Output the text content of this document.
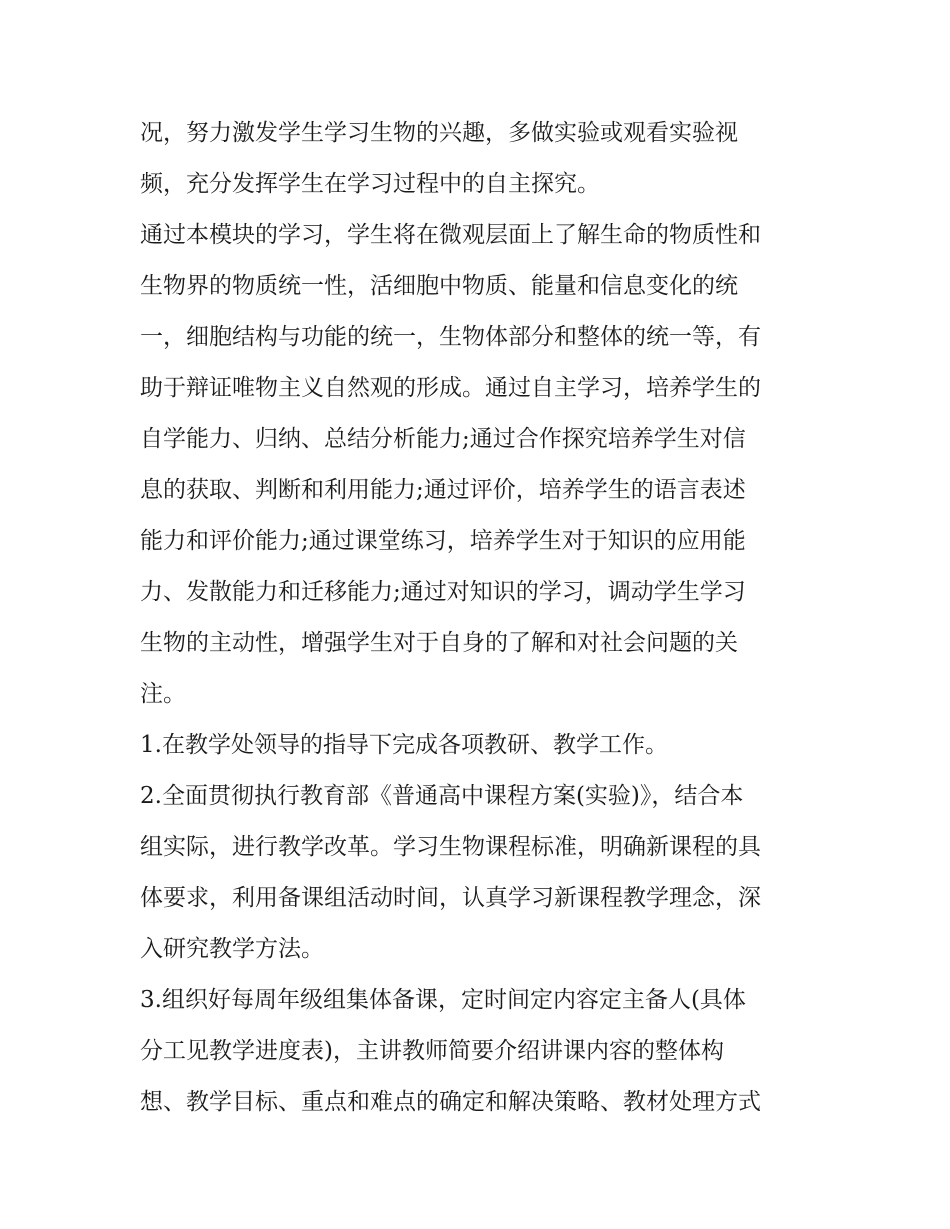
况，努力激发学生学习生物的兴趣，多做实验或观看实验视
频，充分发挥学生在学习过程中的自主探究。
通过本模块的学习，学生将在微观层面上了解生命的物质性和
生物界的物质统一性，活细胞中物质、能量和信息变化的统
一，细胞结构与功能的统一，生物体部分和整体的统一等，有
助于辩证唯物主义自然观的形成。通过自主学习，培养学生的
自学能力、归纳、总结分析能力;通过合作探究培养学生对信
息的获取、判断和利用能力;通过评价，培养学生的语言表述
能力和评价能力;通过课堂练习，培养学生对于知识的应用能
力、发散能力和迁移能力;通过对知识的学习，调动学生学习
生物的主动性，增强学生对于自身的了解和对社会问题的关
注。
1.在教学处领导的指导下完成各项教研、教学工作。
2.全面贯彻执行教育部《普通高中课程方案(实验)》，结合本
组实际，进行教学改革。学习生物课程标准，明确新课程的具
体要求，利用备课组活动时间，认真学习新课程教学理念，深
入研究教学方法。
3.组织好每周年级组集体备课，定时间定内容定主备人(具体
分工见教学进度表)，主讲教师简要介绍讲课内容的整体构
想、教学目标、重点和难点的确定和解决策略、教材处理方式
